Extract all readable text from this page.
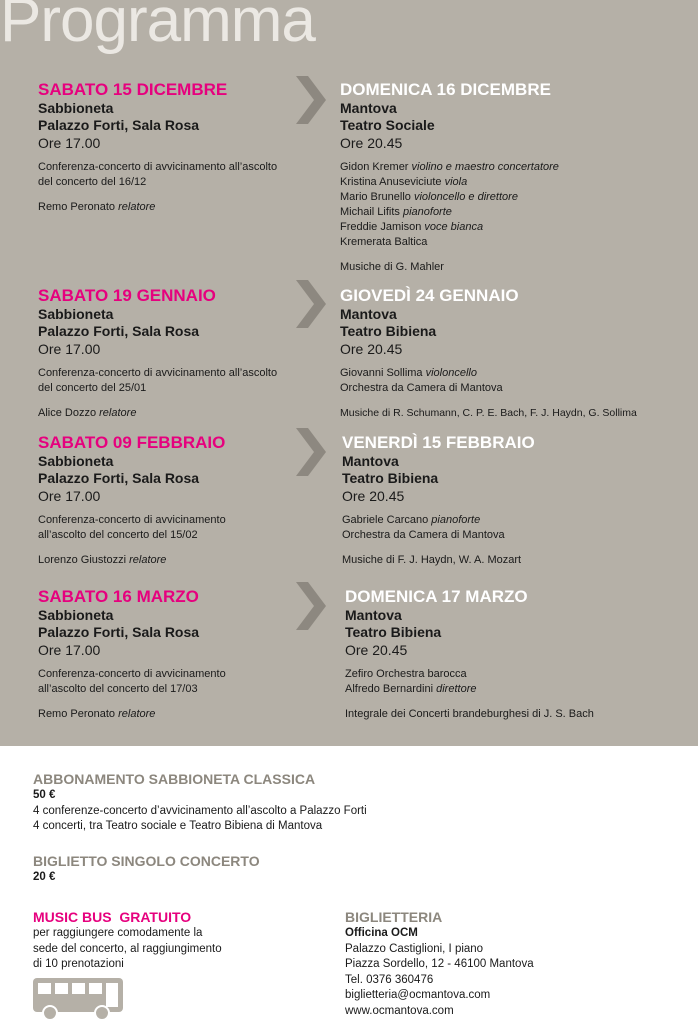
Programma
SABATO 15 DICEMBRE
Sabbioneta
Palazzo Forti, Sala Rosa
Ore 17.00
Conferenza-concerto di avvicinamento all’ascolto
del concerto del 16/12
Remo Peronato relatore
DOMENICA 16 DICEMBRE
Mantova
Teatro Sociale
Ore 20.45
Gidon Kremer violino e maestro concertatore
Kristina Anuseviciute viola
Mario Brunello violoncello e direttore
Michail Lifits pianoforte
Freddie Jamison voce bianca
Kremerata Baltica
Musiche di G. Mahler
SABATO 19 GENNAIO
Sabbioneta
Palazzo Forti, Sala Rosa
Ore 17.00
Conferenza-concerto di avvicinamento all’ascolto
del concerto del 25/01
Alice Dozzo relatore
GIOVEDÌ 24 GENNAIO
Mantova
Teatro Bibiena
Ore 20.45
Giovanni Sollima violoncello
Orchestra da Camera di Mantova
Musiche di R. Schumann, C. P. E. Bach, F. J. Haydn, G. Sollima
SABATO 09 FEBBRAIO
Sabbioneta
Palazzo Forti, Sala Rosa
Ore 17.00
Conferenza-concerto di avvicinamento
all’ascolto del concerto del 15/02
Lorenzo Giustozzi relatore
VENERDÌ 15 FEBBRAIO
Mantova
Teatro Bibiena
Ore 20.45
Gabriele Carcano pianoforte
Orchestra da Camera di Mantova
Musiche di F. J. Haydn, W. A. Mozart
SABATO 16 MARZO
Sabbioneta
Palazzo Forti, Sala Rosa
Ore 17.00
Conferenza-concerto di avvicinamento
all’ascolto del concerto del 17/03
Remo Peronato relatore
DOMENICA 17 MARZO
Mantova
Teatro Bibiena
Ore 20.45
Zefiro Orchestra barocca
Alfredo Bernardini direttore
Integrale dei Concerti brandeburghesi di J. S. Bach
ABBONAMENTO SABBIONETA CLASSICA
50 €
4 conferenze-concerto d’avvicinamento all’ascolto a Palazzo Forti
4 concerti, tra Teatro sociale e Teatro Bibiena di Mantova
BIGLIETTO SINGOLO CONCERTO
20 €
MUSIC BUS  GRATUITO
per raggiungere comodamente la
sede del concerto, al raggiungimento
di 10 prenotazioni
BIGLIETTERIA
Officina OCM
Palazzo Castiglioni, I piano
Piazza Sordello, 12 - 46100 Mantova
Tel. 0376 360476
biglietteria@ocmantova.com
www.ocmantova.com
